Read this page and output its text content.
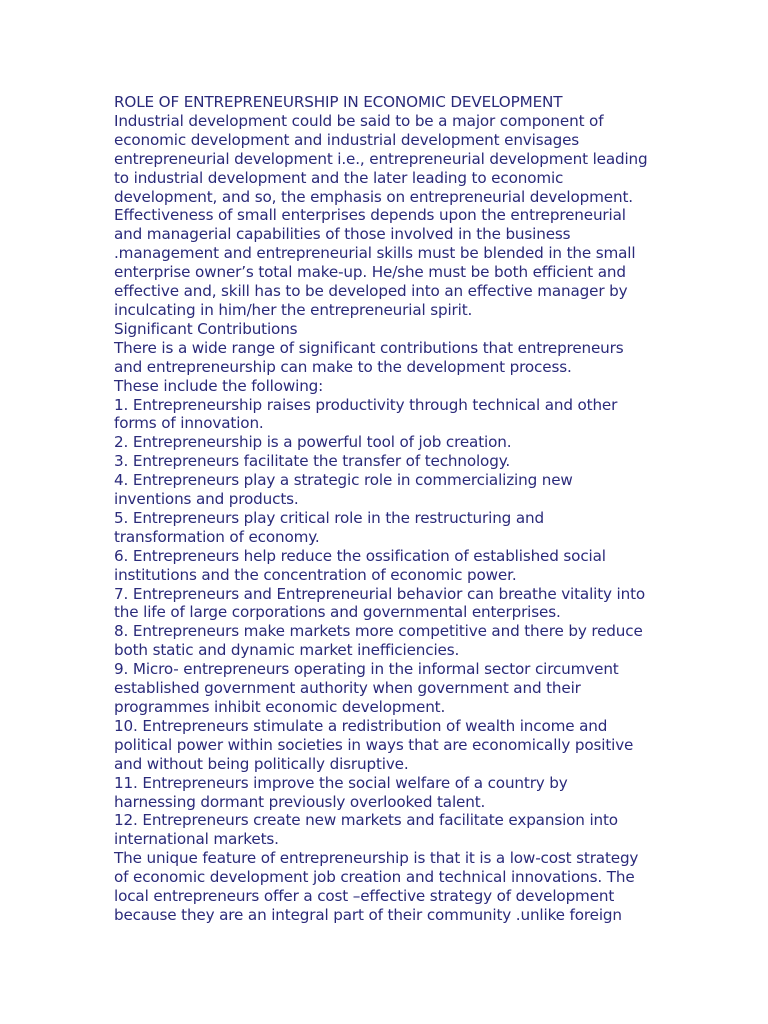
ROLE OF ENTREPRENEURSHIP IN ECONOMIC DEVELOPMENT
Industrial development could be said to be a major component of
economic development and industrial development envisages
entrepreneurial development i.e., entrepreneurial development leading
to industrial development and the later leading to economic
development, and so, the emphasis on entrepreneurial development.
Effectiveness of small enterprises depends upon the entrepreneurial
and managerial capabilities of those involved in the business
.management and entrepreneurial skills must be blended in the small
enterprise owner’s total make-up. He/she must be both efficient and
effective and, skill has to be developed into an effective manager by
inculcating in him/her the entrepreneurial spirit.
Significant Contributions
There is a wide range of significant contributions that entrepreneurs
and entrepreneurship can make to the development process.
These include the following:
1. Entrepreneurship raises productivity through technical and other
forms of innovation.
2. Entrepreneurship is a powerful tool of job creation.
3. Entrepreneurs facilitate the transfer of technology.
4. Entrepreneurs play a strategic role in commercializing new
inventions and products.
5. Entrepreneurs play critical role in the restructuring and
transformation of economy.
6. Entrepreneurs help reduce the ossification of established social
institutions and the concentration of economic power.
7. Entrepreneurs and Entrepreneurial behavior can breathe vitality into
the life of large corporations and governmental enterprises.
8. Entrepreneurs make markets more competitive and there by reduce
both static and dynamic market inefficiencies.
9. Micro- entrepreneurs operating in the informal sector circumvent
established government authority when government and their
programmes inhibit economic development.
10. Entrepreneurs stimulate a redistribution of wealth income and
political power within societies in ways that are economically positive
and without being politically disruptive.
11. Entrepreneurs improve the social welfare of a country by
harnessing dormant previously overlooked talent.
12. Entrepreneurs create new markets and facilitate expansion into
international markets.
The unique feature of entrepreneurship is that it is a low-cost strategy
of economic development job creation and technical innovations. The
local entrepreneurs offer a cost –effective strategy of development
because they are an integral part of their community .unlike foreign
